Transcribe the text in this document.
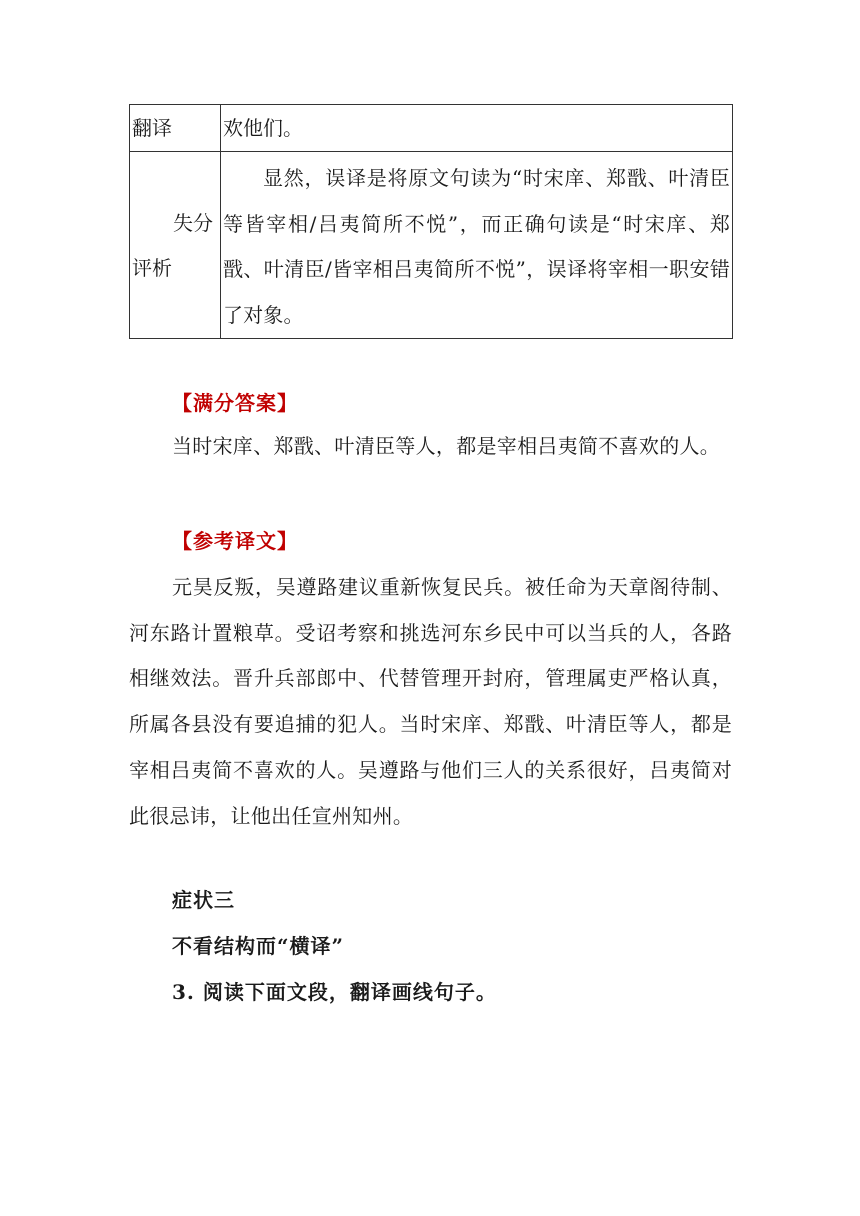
翻译	欢他们。

失分
评析	显然，误译是将原文句读为“时宋庠、郑戬、叶清臣等皆宰相/吕夷简所不悦”，而正确句读是“时宋庠、郑戬、叶清臣/皆宰相吕夷简所不悦”，误译将宰相一职安错了对象。
【满分答案】
当时宋庠、郑戬、叶清臣等人，都是宰相吕夷简不喜欢的人。
【参考译文】
元昊反叛，吴遵路建议重新恢复民兵。被任命为天章阁待制、河东路计置粮草。受诏考察和挑选河东乡民中可以当兵的人，各路相继效法。晋升兵部郎中、代替管理开封府，管理属吏严格认真，所属各县没有要追捕的犯人。当时宋庠、郑戬、叶清臣等人，都是宰相吕夷简不喜欢的人。吴遵路与他们三人的关系很好，吕夷简对此很忌讳，让他出任宣州知州。
症状三
不看结构而“横译”
3. 阅读下面文段，翻译画线句子。
